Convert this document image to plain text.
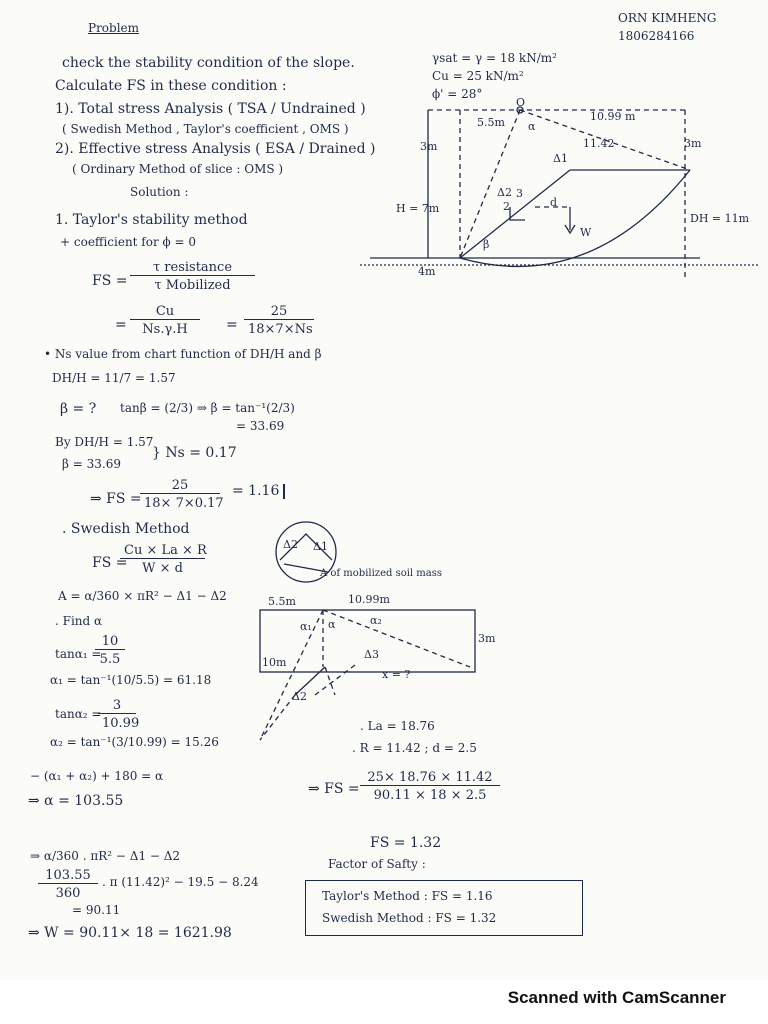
ORN KIMHENG
1806284166
Problem
check the stability condition of the slope.
Calculate FS in these condition :
1). Total stress Analysis ( TSA / Undrained )
( Swedish Method , Taylor's coefficient , OMS )
2). Effective stress Analysis ( ESA / Drained )
( Ordinary Method of slice : OMS )
γsat = γ = 18 kN/m²
Cu = 25 kN/m²
ϕ' = 28°
O
5.5m	10.99 m
α
11.42
3m	3m
Δ1
Δ2
2
3
d
W
β
H = 7m
4m
DH = 11m
Solution :
1. Taylor's stability method
+ coefficient for ϕ = 0
FS =
τ resistance
τ Mobilized
= $\frac{Cu}{Ns.\gamma.H} = \frac{25}{18\times 7\times Ns}$
• Ns value from chart function of DH/H and β
DH/H = 11/7 = 1.57
β = ? tanβ = (2/3) ⇒ β = tan⁻¹(2/3)
= 33.69
By DH/H = 1.57
β = 33.69
} Ns = 0.17
⇒ FS =
$\frac{25}{18\times 7\times 0.17} = 1.16$
. Swedish Method
FS =
$\frac{Cu \times La \times R}{W \times d}$
A = α/360 × πR² − Δ1 − Δ2
Δ2 Δ1
A of mobilized soil mass
5.5m	10.99m
α₁	α₂
α
10m
3m
Δ3
x = ?
Δ2
. Find α
tanα₁ =
$\frac{10}{5.5}$
α₁ = tan⁻¹(10/5.5) = 61.18
tanα₂ =
$\frac{3}{10.99}$
α₂ = tan⁻¹(3/10.99) = 15.26
− (α₁ + α₂) + 180 = α
⇒ α = 103.55
. La = 18.76
. R = 11.42 ; d = 2.5
⇒ FS = $\frac{25\times 18.76 \times 11.42}{90.11 \times 18 \times 2.5}$
FS = 1.32
⇒ α/360 . πR² − Δ1 − Δ2
$\frac{103.55}{360}$ . π (11.42)² − 19.5 − 8.24
= 90.11
⇒ W = 90.11× 18 = 1621.98
Factor of Safty :
Taylor's Method : FS = 1.16
Swedish Method : FS = 1.32
Scanned with CamScanner
